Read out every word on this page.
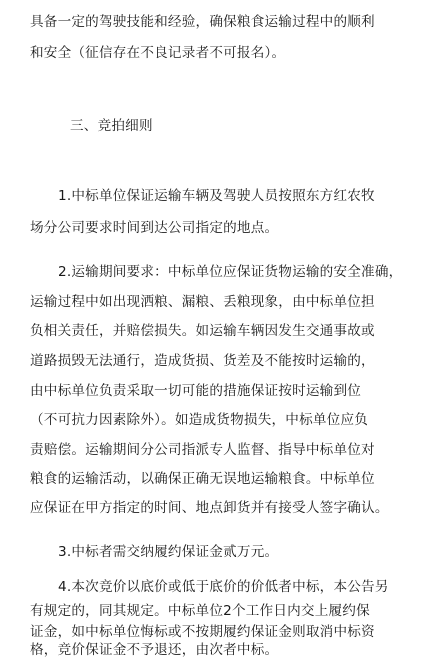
具备一定的驾驶技能和经验，确保粮食运输过程中的顺利
和安全（征信存在不良记录者不可报名）。
三、竞拍细则
1.中标单位保证运输车辆及驾驶人员按照东方红农牧
场分公司要求时间到达公司指定的地点。
2.运输期间要求：中标单位应保证货物运输的安全准确，
运输过程中如出现洒粮、漏粮、丢粮现象，由中标单位担
负相关责任，并赔偿损失。如运输车辆因发生交通事故或
道路损毁无法通行，造成货损、货差及不能按时运输的，
由中标单位负责采取一切可能的措施保证按时运输到位
（不可抗力因素除外）。如造成货物损失，中标单位应负
责赔偿。运输期间分公司指派专人监督、指导中标单位对
粮食的运输活动，以确保正确无误地运输粮食。中标单位
应保证在甲方指定的时间、地点卸货并有接受人签字确认。
3.中标者需交纳履约保证金贰万元。
4.本次竞价以底价或低于底价的价低者中标，本公告另
有规定的，同其规定。中标单位2个工作日内交上履约保
证金，如中标单位悔标或不按期履约保证金则取消中标资
格，竞价保证金不予退还，由次者中标。
